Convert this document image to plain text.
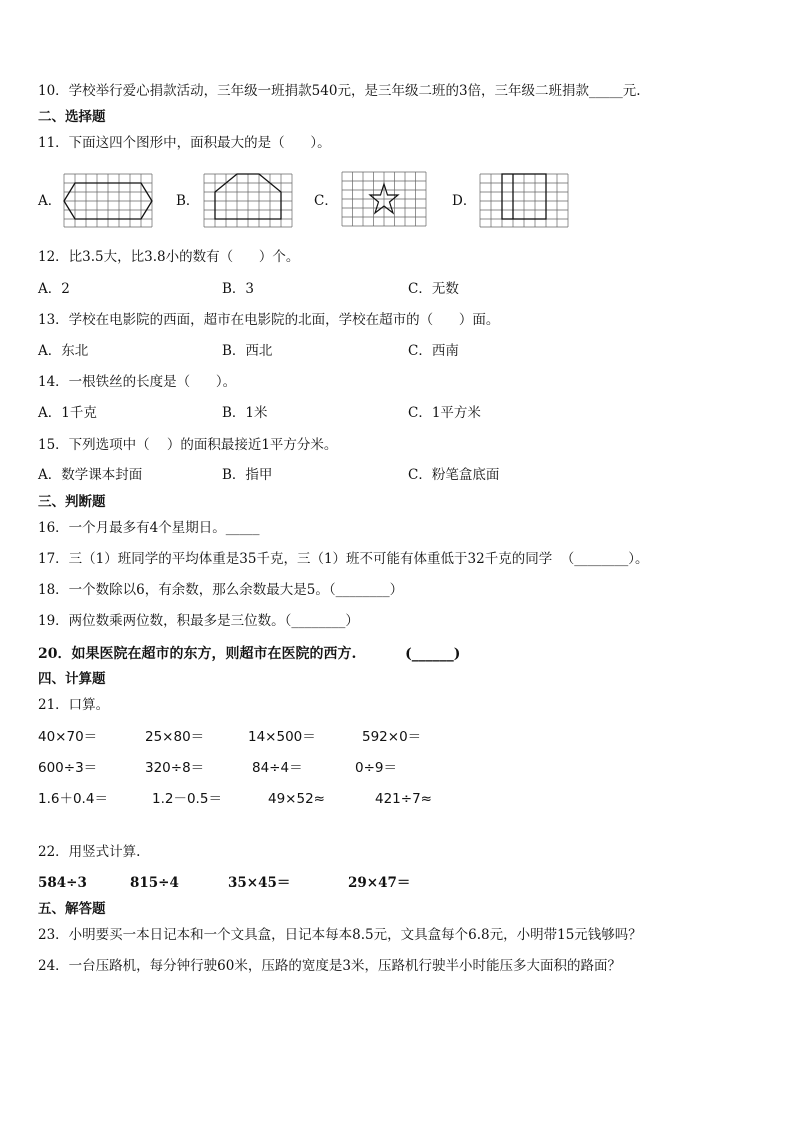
10．学校举行爱心捐款活动，三年级一班捐款540元，是三年级二班的3倍，三年级二班捐款_____元.
二、选择题
11．下面这四个图形中，面积最大的是（      ）。
A．	B．	C．	D．
12．比3.5大，比3.8小的数有（      ）个。
A．2	B．3	C．无数
13．学校在电影院的西面，超市在电影院的北面，学校在超市的（      ）面。
A．东北	B．西北	C．西南
14．一根铁丝的长度是（      ）。
A．1千克	B．1米	C．1平方米
15．下列选项中（    ）的面积最接近1平方分米。
A．数学课本封面	B．指甲	C．粉笔盒底面
三、判断题
16．一个月最多有4个星期日。_____
17．三（1）班同学的平均体重是35千克，三（1）班不可能有体重低于32千克的同学  （________）。
18．一个数除以6，有余数，那么余数最大是5。（________）
19．两位数乘两位数，积最多是三位数。（________）
20．如果医院在超市的东方，则超市在医院的西方.          (______)
四、计算题
21．口算。
40×70＝	25×80＝	14×500＝	592×0＝
600÷3＝	320÷8＝	84÷4＝	0÷9＝
1.6＋0.4＝	1.2－0.5＝	49×52≈	421÷7≈
22．用竖式计算.
584÷3	815÷4	35×45＝	29×47＝
五、解答题
23．小明要买一本日记本和一个文具盒，日记本每本8.5元，文具盒每个6.8元，小明带15元钱够吗？
24．一台压路机，每分钟行驶60米，压路的宽度是3米，压路机行驶半小时能压多大面积的路面？
